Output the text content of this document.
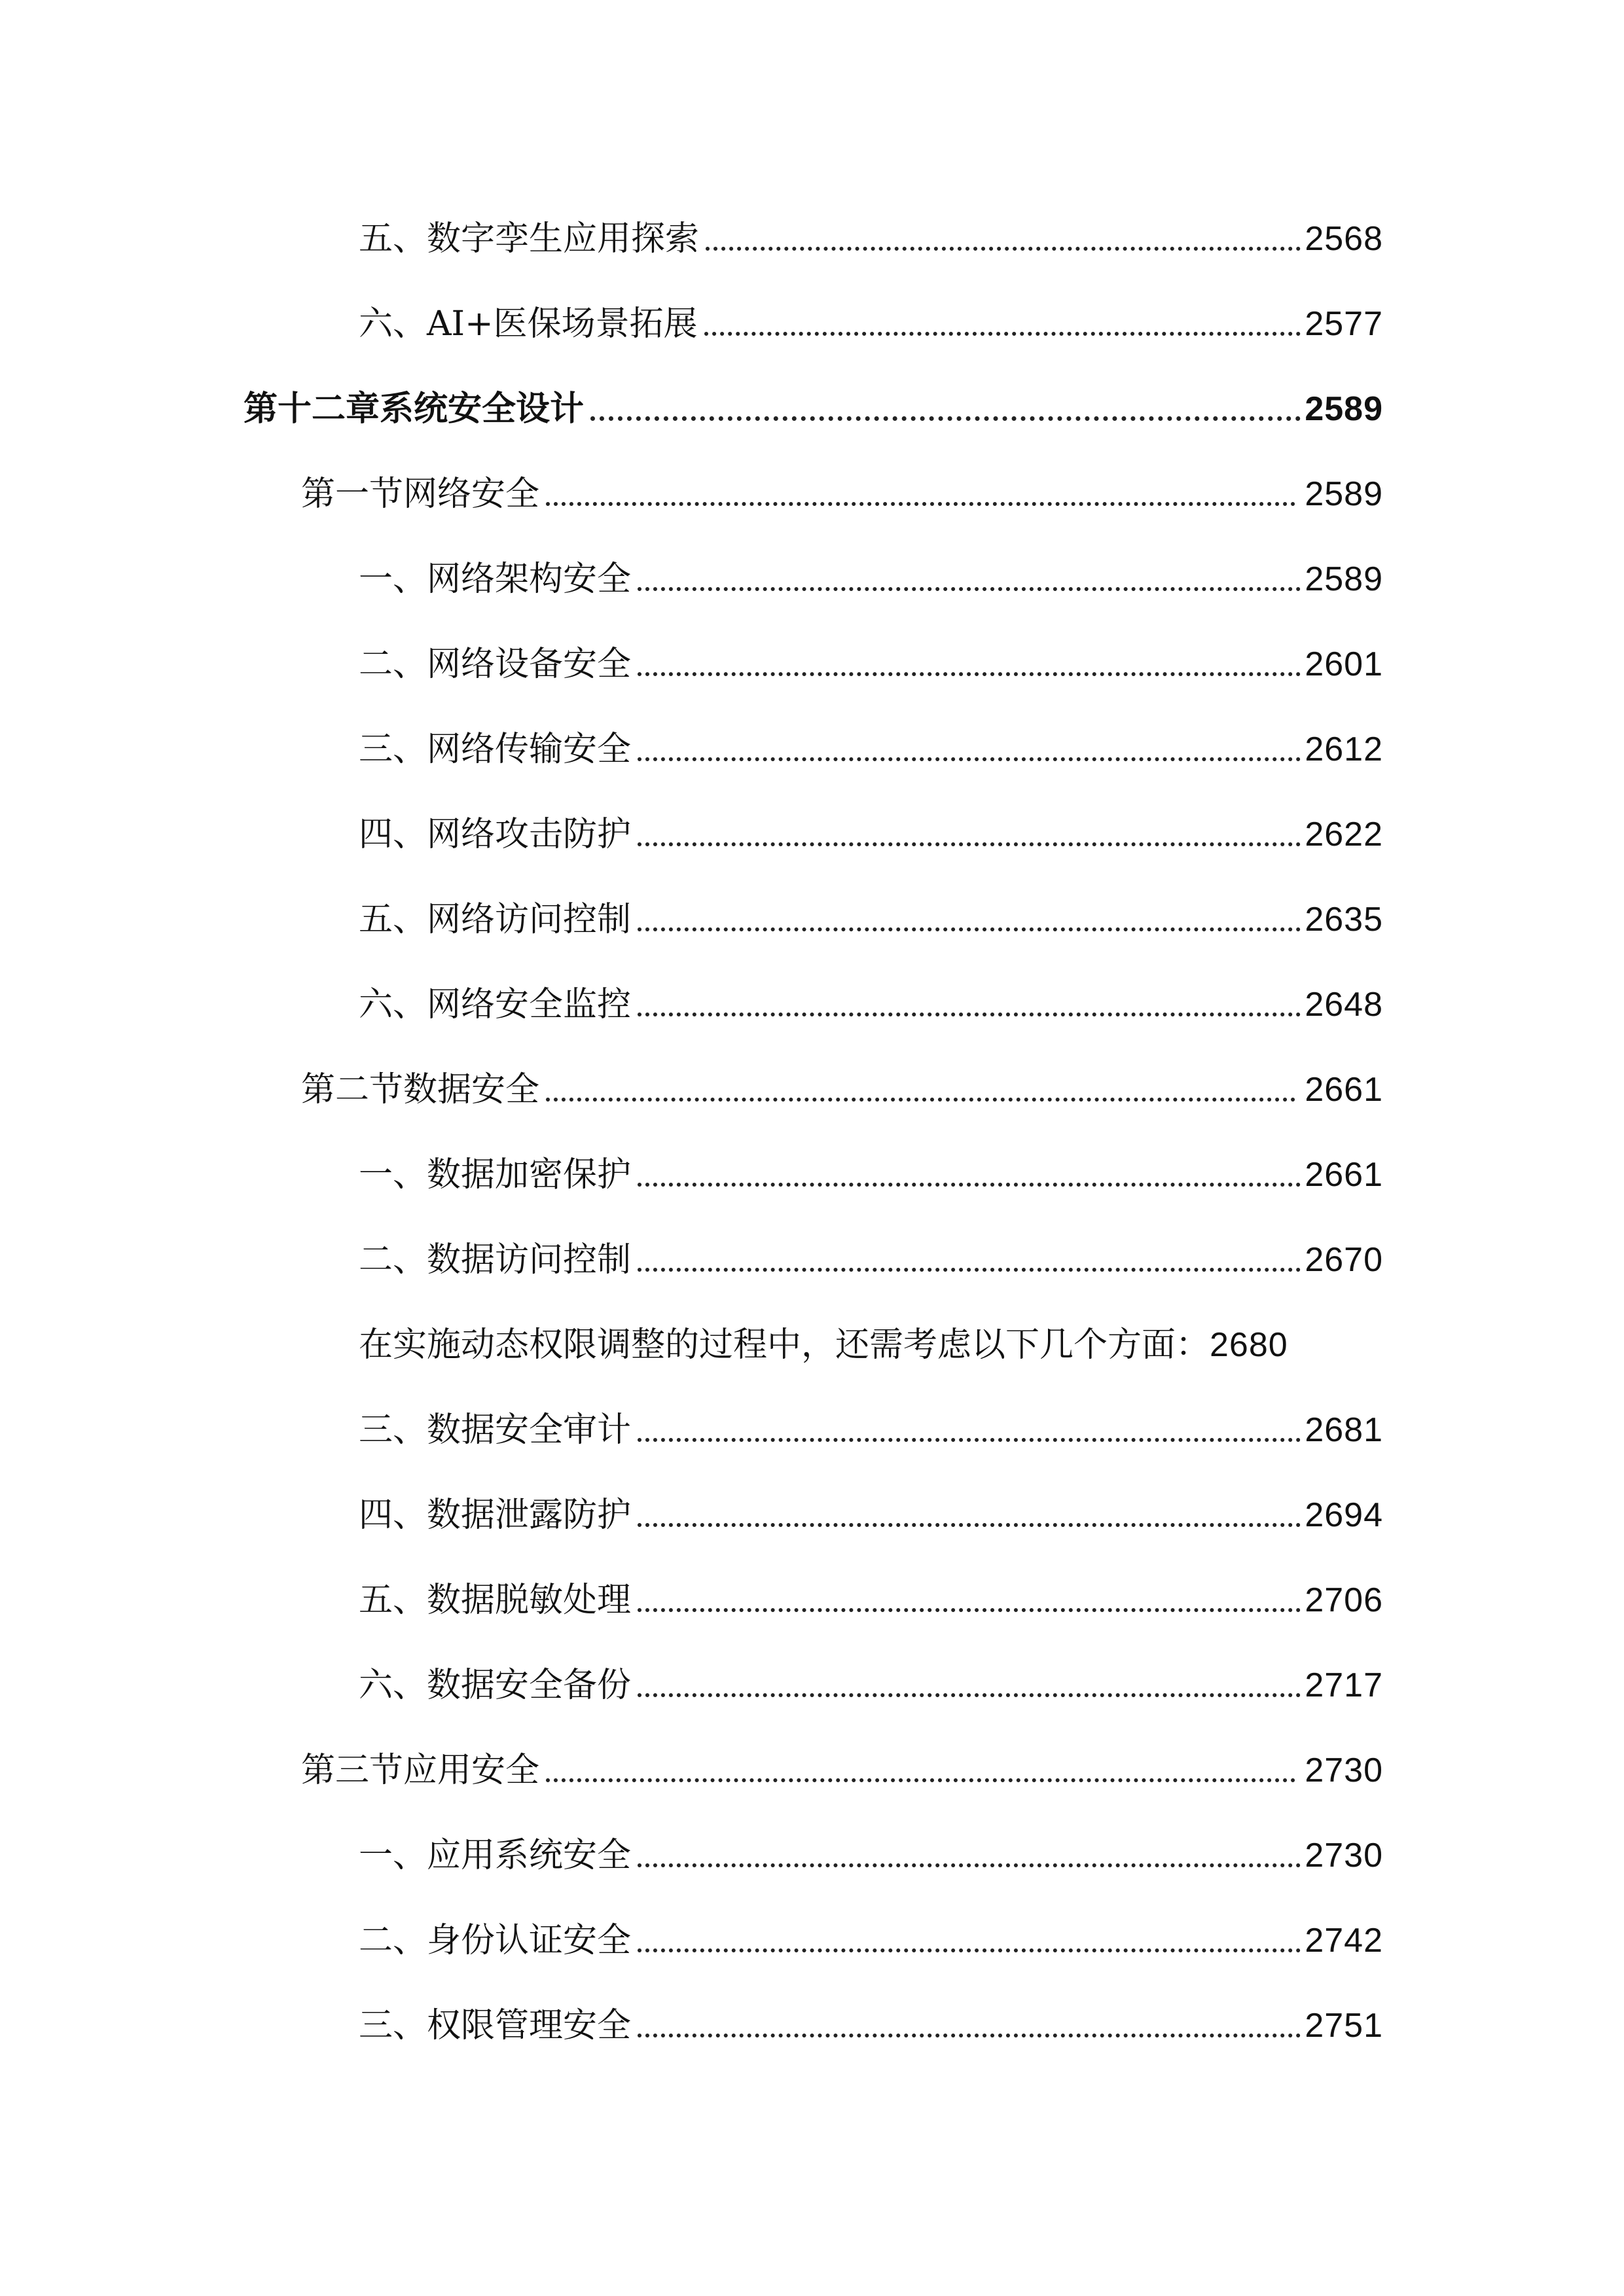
五、数字孪生应用探索	2568
六、AI+医保场景拓展	2577
第十二章系统安全设计	2589
第一节网络安全	2589
一、网络架构安全	2589
二、网络设备安全	2601
三、网络传输安全	2612
四、网络攻击防护	2622
五、网络访问控制	2635
六、网络安全监控	2648
第二节数据安全	2661
一、数据加密保护	2661
二、数据访问控制	2670
在实施动态权限调整的过程中，还需考虑以下几个方面： 2680
三、数据安全审计	2681
四、数据泄露防护	2694
五、数据脱敏处理	2706
六、数据安全备份	2717
第三节应用安全	2730
一、应用系统安全	2730
二、身份认证安全	2742
三、权限管理安全	2751
